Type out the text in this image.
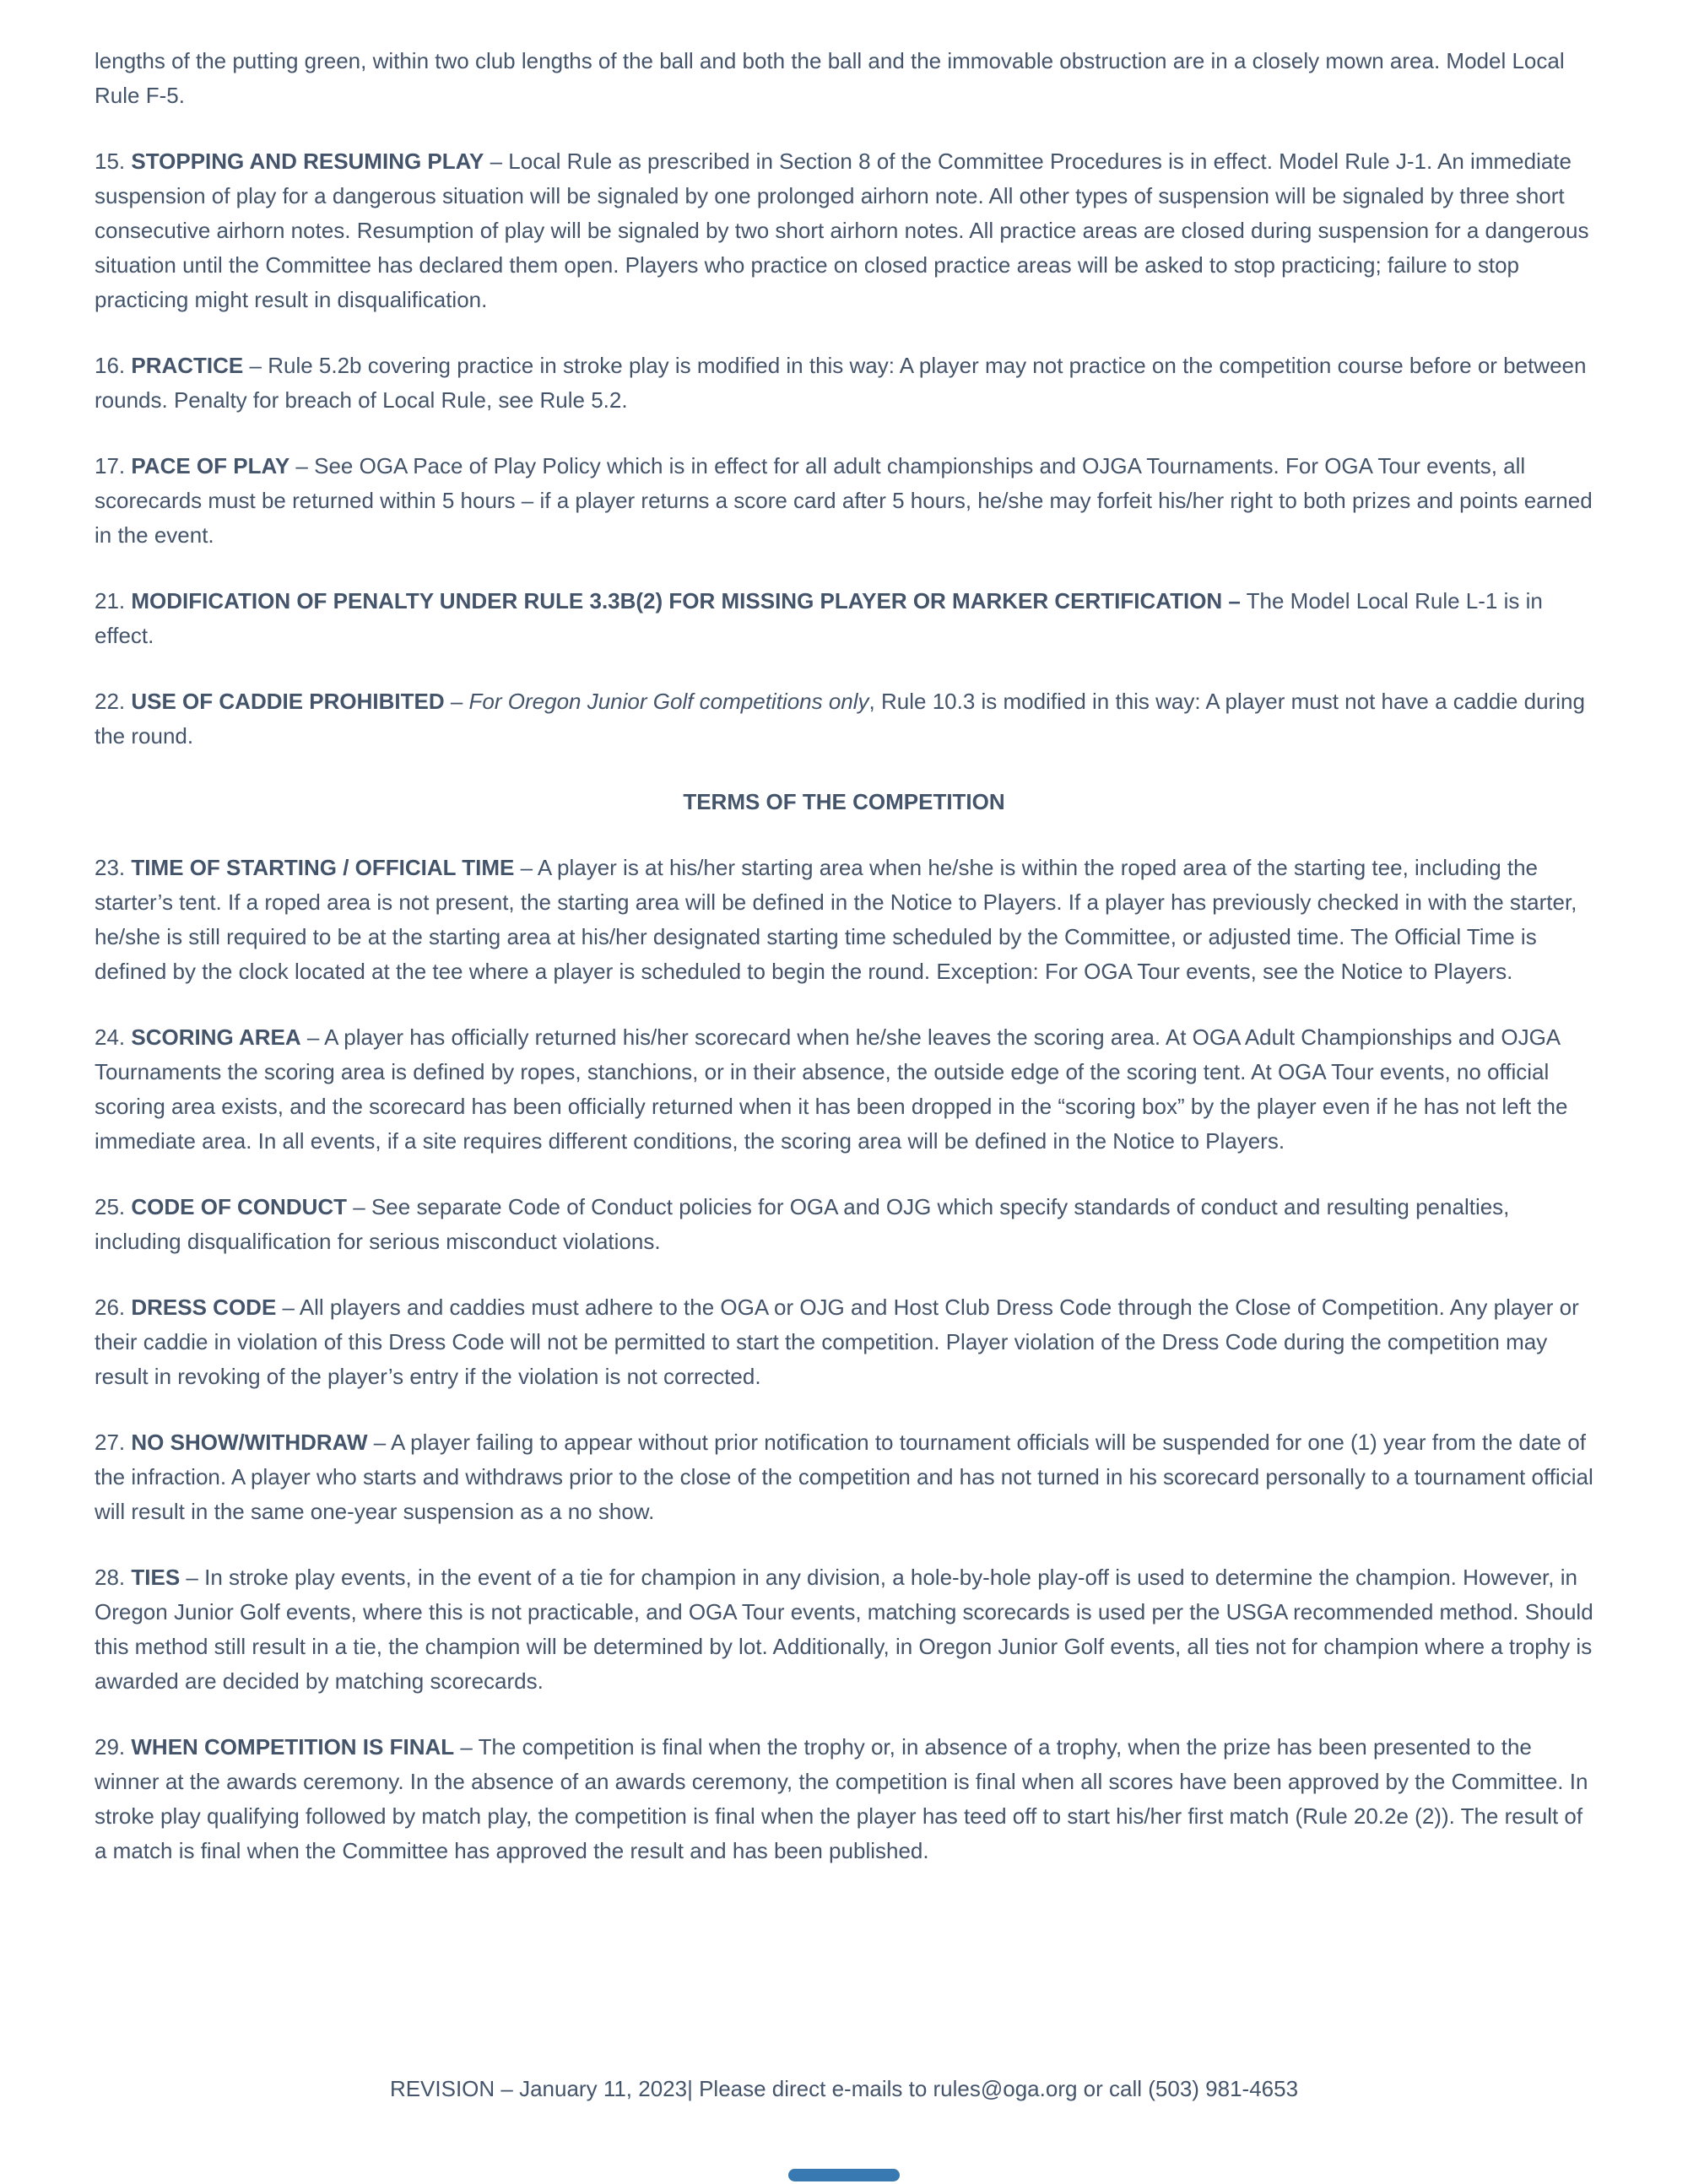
lengths of the putting green, within two club lengths of the ball and both the ball and the immovable obstruction are in a closely mown area. Model Local Rule F-5.

15. STOPPING AND RESUMING PLAY – Local Rule as prescribed in Section 8 of the Committee Procedures is in effect. Model Rule J-1. An immediate suspension of play for a dangerous situation will be signaled by one prolonged airhorn note. All other types of suspension will be signaled by three short consecutive airhorn notes. Resumption of play will be signaled by two short airhorn notes. All practice areas are closed during suspension for a dangerous situation until the Committee has declared them open. Players who practice on closed practice areas will be asked to stop practicing; failure to stop practicing might result in disqualification.

16. PRACTICE – Rule 5.2b covering practice in stroke play is modified in this way: A player may not practice on the competition course before or between rounds. Penalty for breach of Local Rule, see Rule 5.2.

17. PACE OF PLAY – See OGA Pace of Play Policy which is in effect for all adult championships and OJGA Tournaments. For OGA Tour events, all scorecards must be returned within 5 hours – if a player returns a score card after 5 hours, he/she may forfeit his/her right to both prizes and points earned in the event.

21. MODIFICATION OF PENALTY UNDER RULE 3.3B(2) FOR MISSING PLAYER OR MARKER CERTIFICATION – The Model Local Rule L-1 is in effect.

22. USE OF CADDIE PROHIBITED – For Oregon Junior Golf competitions only, Rule 10.3 is modified in this way: A player must not have a caddie during the round.

TERMS OF THE COMPETITION

23. TIME OF STARTING / OFFICIAL TIME – A player is at his/her starting area when he/she is within the roped area of the starting tee, including the starter’s tent. If a roped area is not present, the starting area will be defined in the Notice to Players. If a player has previously checked in with the starter, he/she is still required to be at the starting area at his/her designated starting time scheduled by the Committee, or adjusted time. The Official Time is defined by the clock located at the tee where a player is scheduled to begin the round. Exception: For OGA Tour events, see the Notice to Players.

24. SCORING AREA – A player has officially returned his/her scorecard when he/she leaves the scoring area. At OGA Adult Championships and OJGA Tournaments the scoring area is defined by ropes, stanchions, or in their absence, the outside edge of the scoring tent. At OGA Tour events, no official scoring area exists, and the scorecard has been officially returned when it has been dropped in the “scoring box” by the player even if he has not left the immediate area. In all events, if a site requires different conditions, the scoring area will be defined in the Notice to Players.

25. CODE OF CONDUCT – See separate Code of Conduct policies for OGA and OJG which specify standards of conduct and resulting penalties, including disqualification for serious misconduct violations.

26. DRESS CODE – All players and caddies must adhere to the OGA or OJG and Host Club Dress Code through the Close of Competition. Any player or their caddie in violation of this Dress Code will not be permitted to start the competition. Player violation of the Dress Code during the competition may result in revoking of the player’s entry if the violation is not corrected.

27. NO SHOW/WITHDRAW – A player failing to appear without prior notification to tournament officials will be suspended for one (1) year from the date of the infraction. A player who starts and withdraws prior to the close of the competition and has not turned in his scorecard personally to a tournament official will result in the same one-year suspension as a no show.

28. TIES – In stroke play events, in the event of a tie for champion in any division, a hole-by-hole play-off is used to determine the champion. However, in Oregon Junior Golf events, where this is not practicable, and OGA Tour events, matching scorecards is used per the USGA recommended method. Should this method still result in a tie, the champion will be determined by lot. Additionally, in Oregon Junior Golf events, all ties not for champion where a trophy is awarded are decided by matching scorecards.

29. WHEN COMPETITION IS FINAL – The competition is final when the trophy or, in absence of a trophy, when the prize has been presented to the winner at the awards ceremony. In the absence of an awards ceremony, the competition is final when all scores have been approved by the Committee. In stroke play qualifying followed by match play, the competition is final when the player has teed off to start his/her first match (Rule 20.2e (2)). The result of a match is final when the Committee has approved the result and has been published.

REVISION – January 11, 2023| Please direct e-mails to rules@oga.org or call (503) 981-4653
